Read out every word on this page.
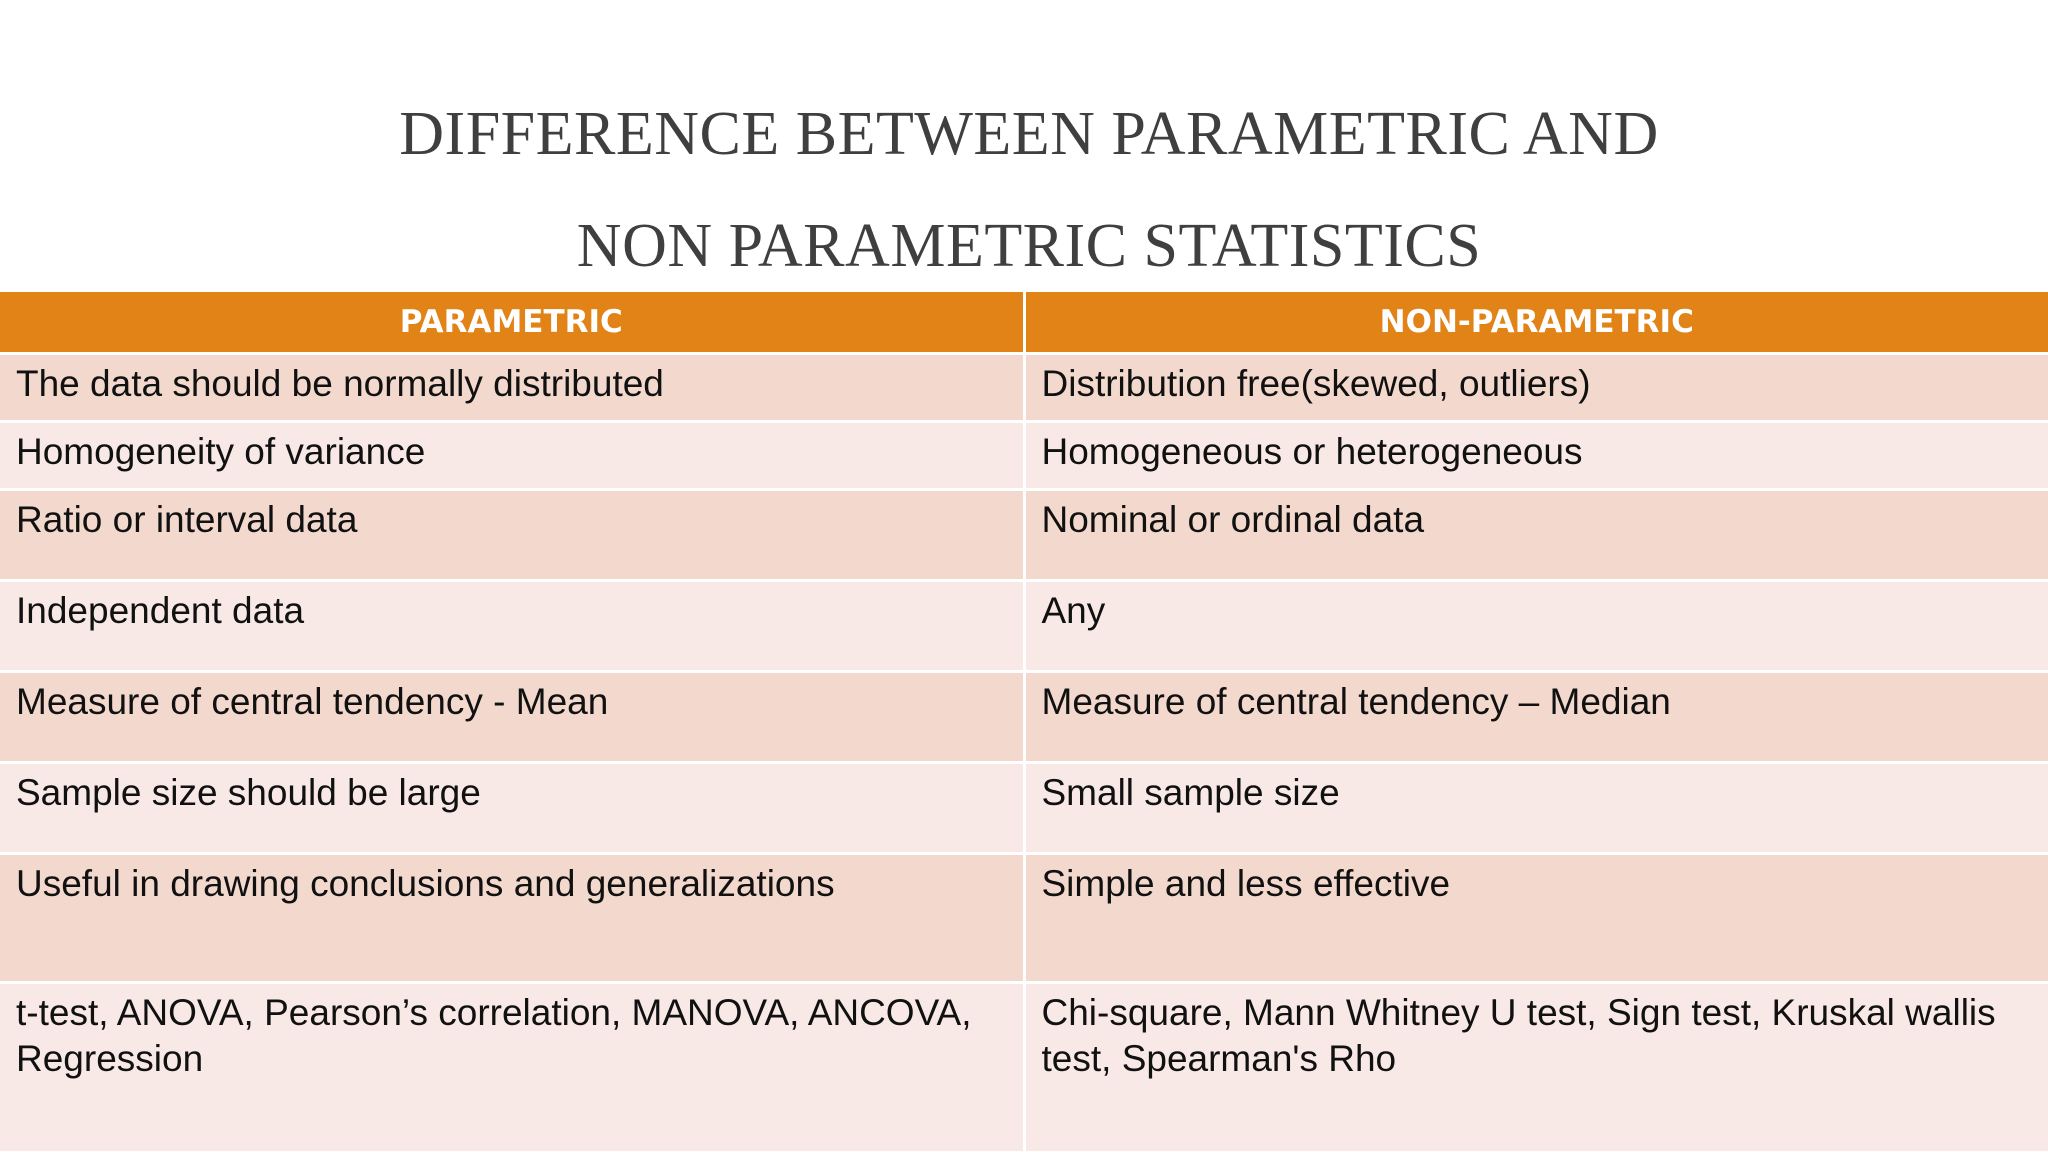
DIFFERENCE BETWEEN PARAMETRIC AND
NON PARAMETRIC STATISTICS
PARAMETRIC	NON-PARAMETRIC
The data should be normally distributed	Distribution free(skewed, outliers)
Homogeneity of variance	Homogeneous or heterogeneous
Ratio or interval data	Nominal or ordinal data
Independent data	Any
Measure of central tendency - Mean	Measure of central tendency – Median
Sample size should be large	Small sample size
Useful in drawing conclusions and generalizations	Simple and less effective
t-test, ANOVA, Pearson’s correlation, MANOVA, ANCOVA, Regression	Chi-square, Mann Whitney U test, Sign test, Kruskal wallis test, Spearman's Rho
